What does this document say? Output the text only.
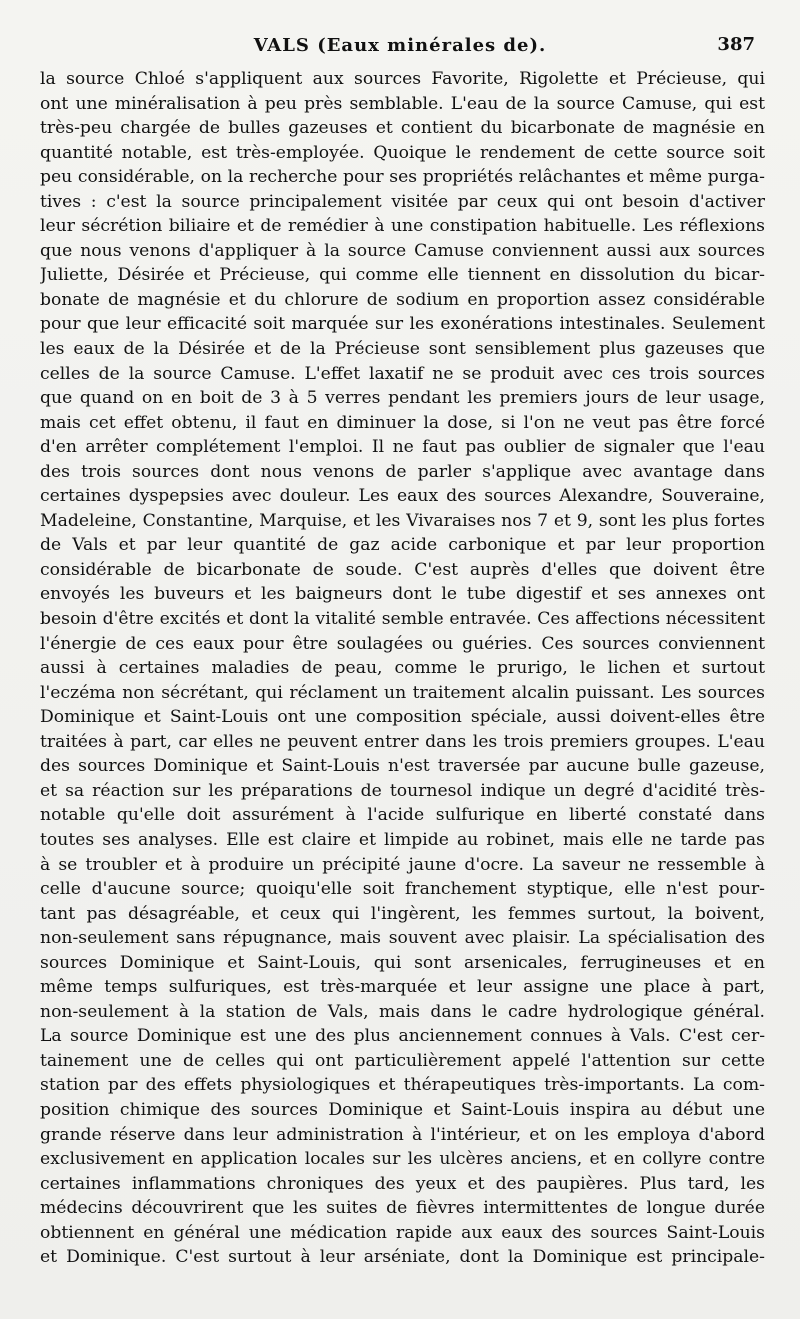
VALS (Eaux minérales de).	387
la source Chloé s'appliquent aux sources Favorite, Rigolette et Précieuse, qui
ont une minéralisation à peu près semblable. L'eau de la source Camuse, qui est
très-peu chargée de bulles gazeuses et contient du bicarbonate de magnésie en
quantité notable, est très-employée. Quoique le rendement de cette source soit
peu considérable, on la recherche pour ses propriétés relâchantes et même purga-
tives : c'est la source principalement visitée par ceux qui ont besoin d'activer
leur sécrétion biliaire et de remédier à une constipation habituelle. Les réflexions
que nous venons d'appliquer à la source Camuse conviennent aussi aux sources
Juliette, Désirée et Précieuse, qui comme elle tiennent en dissolution du bicar-
bonate de magnésie et du chlorure de sodium en proportion assez considérable
pour que leur efficacité soit marquée sur les exonérations intestinales. Seulement
les eaux de la Désirée et de la Précieuse sont sensiblement plus gazeuses que
celles de la source Camuse. L'effet laxatif ne se produit avec ces trois sources
que quand on en boit de 3 à 5 verres pendant les premiers jours de leur usage,
mais cet effet obtenu, il faut en diminuer la dose, si l'on ne veut pas être forcé
d'en arrêter complétement l'emploi. Il ne faut pas oublier de signaler que l'eau
des trois sources dont nous venons de parler s'applique avec avantage dans
certaines dyspepsies avec douleur. Les eaux des sources Alexandre, Souveraine,
Madeleine, Constantine, Marquise, et les Vivaraises nos 7 et 9, sont les plus fortes
de Vals et par leur quantité de gaz acide carbonique et par leur proportion
considérable de bicarbonate de soude. C'est auprès d'elles que doivent être
envoyés les buveurs et les baigneurs dont le tube digestif et ses annexes ont
besoin d'être excités et dont la vitalité semble entravée. Ces affections nécessitent
l'énergie de ces eaux pour être soulagées ou guéries. Ces sources conviennent
aussi à certaines maladies de peau, comme le prurigo, le lichen et surtout
l'eczéma non sécrétant, qui réclament un traitement alcalin puissant. Les sources
Dominique et Saint-Louis ont une composition spéciale, aussi doivent-elles être
traitées à part, car elles ne peuvent entrer dans les trois premiers groupes. L'eau
des sources Dominique et Saint-Louis n'est traversée par aucune bulle gazeuse,
et sa réaction sur les préparations de tournesol indique un degré d'acidité très-
notable qu'elle doit assurément à l'acide sulfurique en liberté constaté dans
toutes ses analyses. Elle est claire et limpide au robinet, mais elle ne tarde pas
à se troubler et à produire un précipité jaune d'ocre. La saveur ne ressemble à
celle d'aucune source; quoiqu'elle soit franchement styptique, elle n'est pour-
tant pas désagréable, et ceux qui l'ingèrent, les femmes surtout, la boivent,
non-seulement sans répugnance, mais souvent avec plaisir. La spécialisation des
sources Dominique et Saint-Louis, qui sont arsenicales, ferrugineuses et en
même temps sulfuriques, est très-marquée et leur assigne une place à part,
non-seulement à la station de Vals, mais dans le cadre hydrologique général.
La source Dominique est une des plus anciennement connues à Vals. C'est cer-
tainement une de celles qui ont particulièrement appelé l'attention sur cette
station par des effets physiologiques et thérapeutiques très-importants. La com-
position chimique des sources Dominique et Saint-Louis inspira au début une
grande réserve dans leur administration à l'intérieur, et on les employa d'abord
exclusivement en application locales sur les ulcères anciens, et en collyre contre
certaines inflammations chroniques des yeux et des paupières. Plus tard, les
médecins découvrirent que les suites de fièvres intermittentes de longue durée
obtiennent en général une médication rapide aux eaux des sources Saint-Louis
et Dominique. C'est surtout à leur arséniate, dont la Dominique est principale-
